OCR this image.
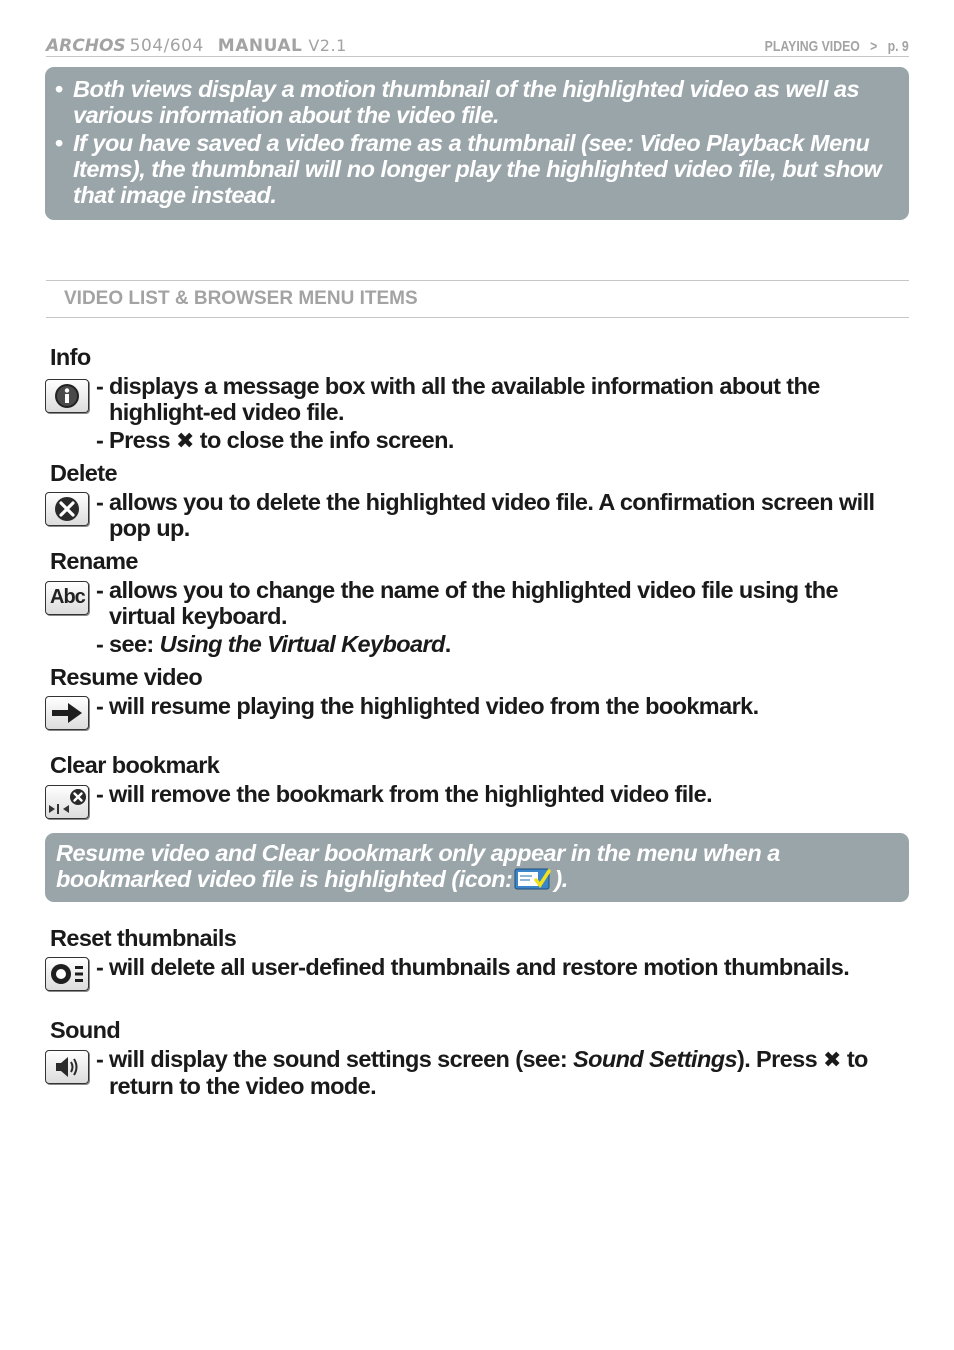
ARCHOS 504/604 MANUAL V2.1	PLAYING VIDEO > p. 9
• Both views display a motion thumbnail of the highlighted video as well as various information about the video file.
• If you have saved a video frame as a thumbnail (see: Video Playback Menu Items), the thumbnail will no longer play the highlighted video file, but show that image instead.
VIDEO LIST & BROWSER MENU ITEMS
Info
- displays a message box with all the available information about the highlight-ed video file.
- Press ✖ to close the info screen.
Delete
- allows you to delete the highlighted video file. A confirmation screen will pop up.
Rename
Abc
-	allows you to change the name of the highlighted video file using the virtual keyboard.
- see: Using the Virtual Keyboard.
Resume video
- will resume playing the highlighted video from the bookmark.
Clear bookmark
- will remove the bookmark from the highlighted video file.
Resume video and Clear bookmark only appear in the menu when a bookmarked video file is highlighted (icon: ).
Reset thumbnails
- will delete all user-defined thumbnails and restore motion thumbnails.
Sound
- will display the sound settings screen (see: Sound Settings). Press ✖ to return to the video mode.
